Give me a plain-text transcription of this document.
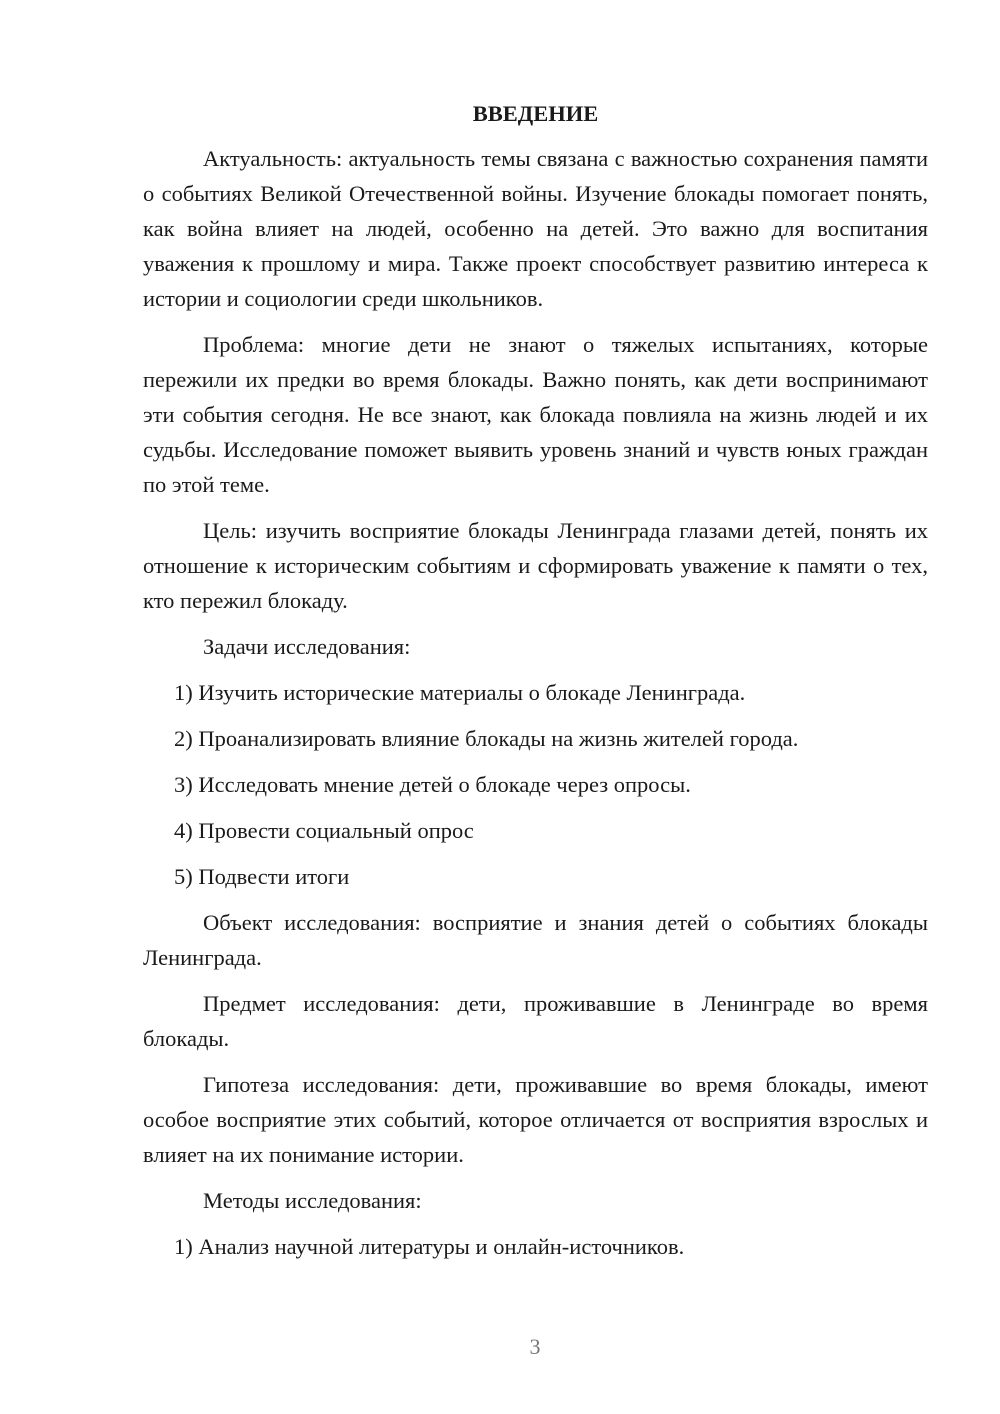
ВВЕДЕНИЕ

Актуальность: актуальность темы связана с важностью сохранения памяти о событиях Великой Отечественной войны. Изучение блокады помогает понять, как война влияет на людей, особенно на детей. Это важно для воспитания уважения к прошлому и мира. Также проект способствует развитию интереса к истории и социологии среди школьников.

Проблема: многие дети не знают о тяжелых испытаниях, которые пережили их предки во время блокады. Важно понять, как дети воспринимают эти события сегодня. Не все знают, как блокада повлияла на жизнь людей и их судьбы. Исследование поможет выявить уровень знаний и чувств юных граждан по этой теме.

Цель: изучить восприятие блокады Ленинграда глазами детей, понять их отношение к историческим событиям и сформировать уважение к памяти о тех, кто пережил блокаду.

Задачи исследования:

1) Изучить исторические материалы о блокаде Ленинграда.
2) Проанализировать влияние блокады на жизнь жителей города.
3) Исследовать мнение детей о блокаде через опросы.
4) Провести социальный опрос
5) Подвести итоги

Объект исследования: восприятие и знания детей о событиях блокады Ленинграда.

Предмет исследования: дети, проживавшие в Ленинграде во время блокады.

Гипотеза исследования: дети, проживавшие во время блокады, имеют особое восприятие этих событий, которое отличается от восприятия взрослых и влияет на их понимание истории.

Методы исследования:

1) Анализ научной литературы и онлайн-источников.
3
